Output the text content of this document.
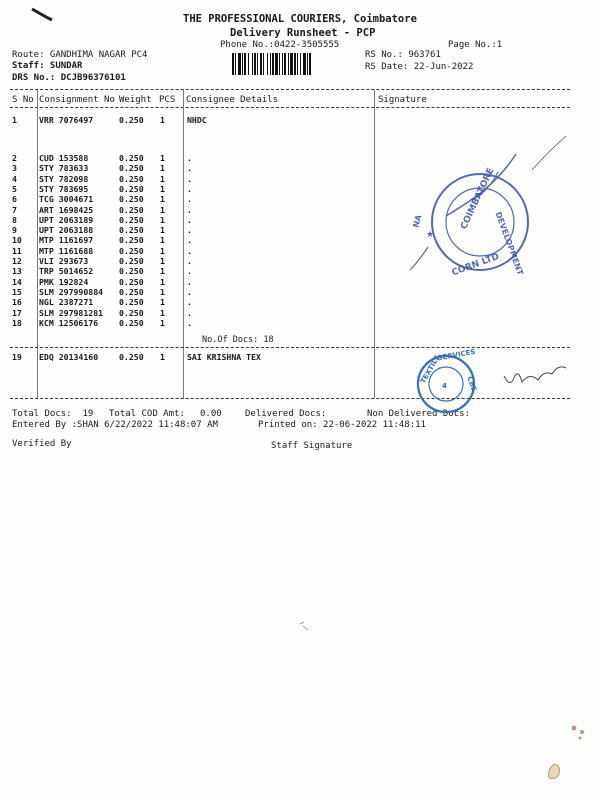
THE PROFESSIONAL COURIERS, Coimbatore
Delivery Runsheet - PCP
Phone No.:0422-3505555	Page No.:1
Route: GANDHIMA NAGAR PC4
Staff: SUNDAR
DRS No.: DCJB96376101
RS No.: 963761
RS Date: 22-Jun-2022
S No Consignment No Weight PCS Consignee Details	Signature
1	VRR 7076497	0.250 1	NHDC
2	CUD 153588	0.250 1	.
3	STY 783633	0.250 1	.
4	STY 782098	0.250 1	.
5	STY 783695	0.250 1	.
6	TCG 3004671	0.250 1	.
7	ART 1698425	0.250 1	.
8	UPT 2063189	0.250 1	.
9	UPT 2063188	0.250 1	.
10 MTP 1161697	0.250 1	.
11 MTP 1161688	0.250 1	.
12 VLI 293673	0.250 1	.
13 TRP 5014652	0.250 1	.
14 PMK 192824	0.250 1	.
15 SLM 297990884 0.250 1	.
16 NGL 2387271	0.250 1	.
17 SLM 297981281 0.250 1	.
18 KCM 12506176	0.250 1	.
No.Of Docs: 18
19 EDQ 20134160	0.250 1	SAI KRISHNA TEX
Total Docs:  19 Total COD Amt: 0.00	Delivered Docs:	Non Delivered Docs:
Entered By :SHAN 6/22/2022 11:48:07 AM	Printed on: 22-06-2022 11:48:11
Verified By	Staff Signature
COIMBATORE
DEVELOPMENT
CORN LTD
NA
★
TEXTILE
SERVICES
CBE
4
